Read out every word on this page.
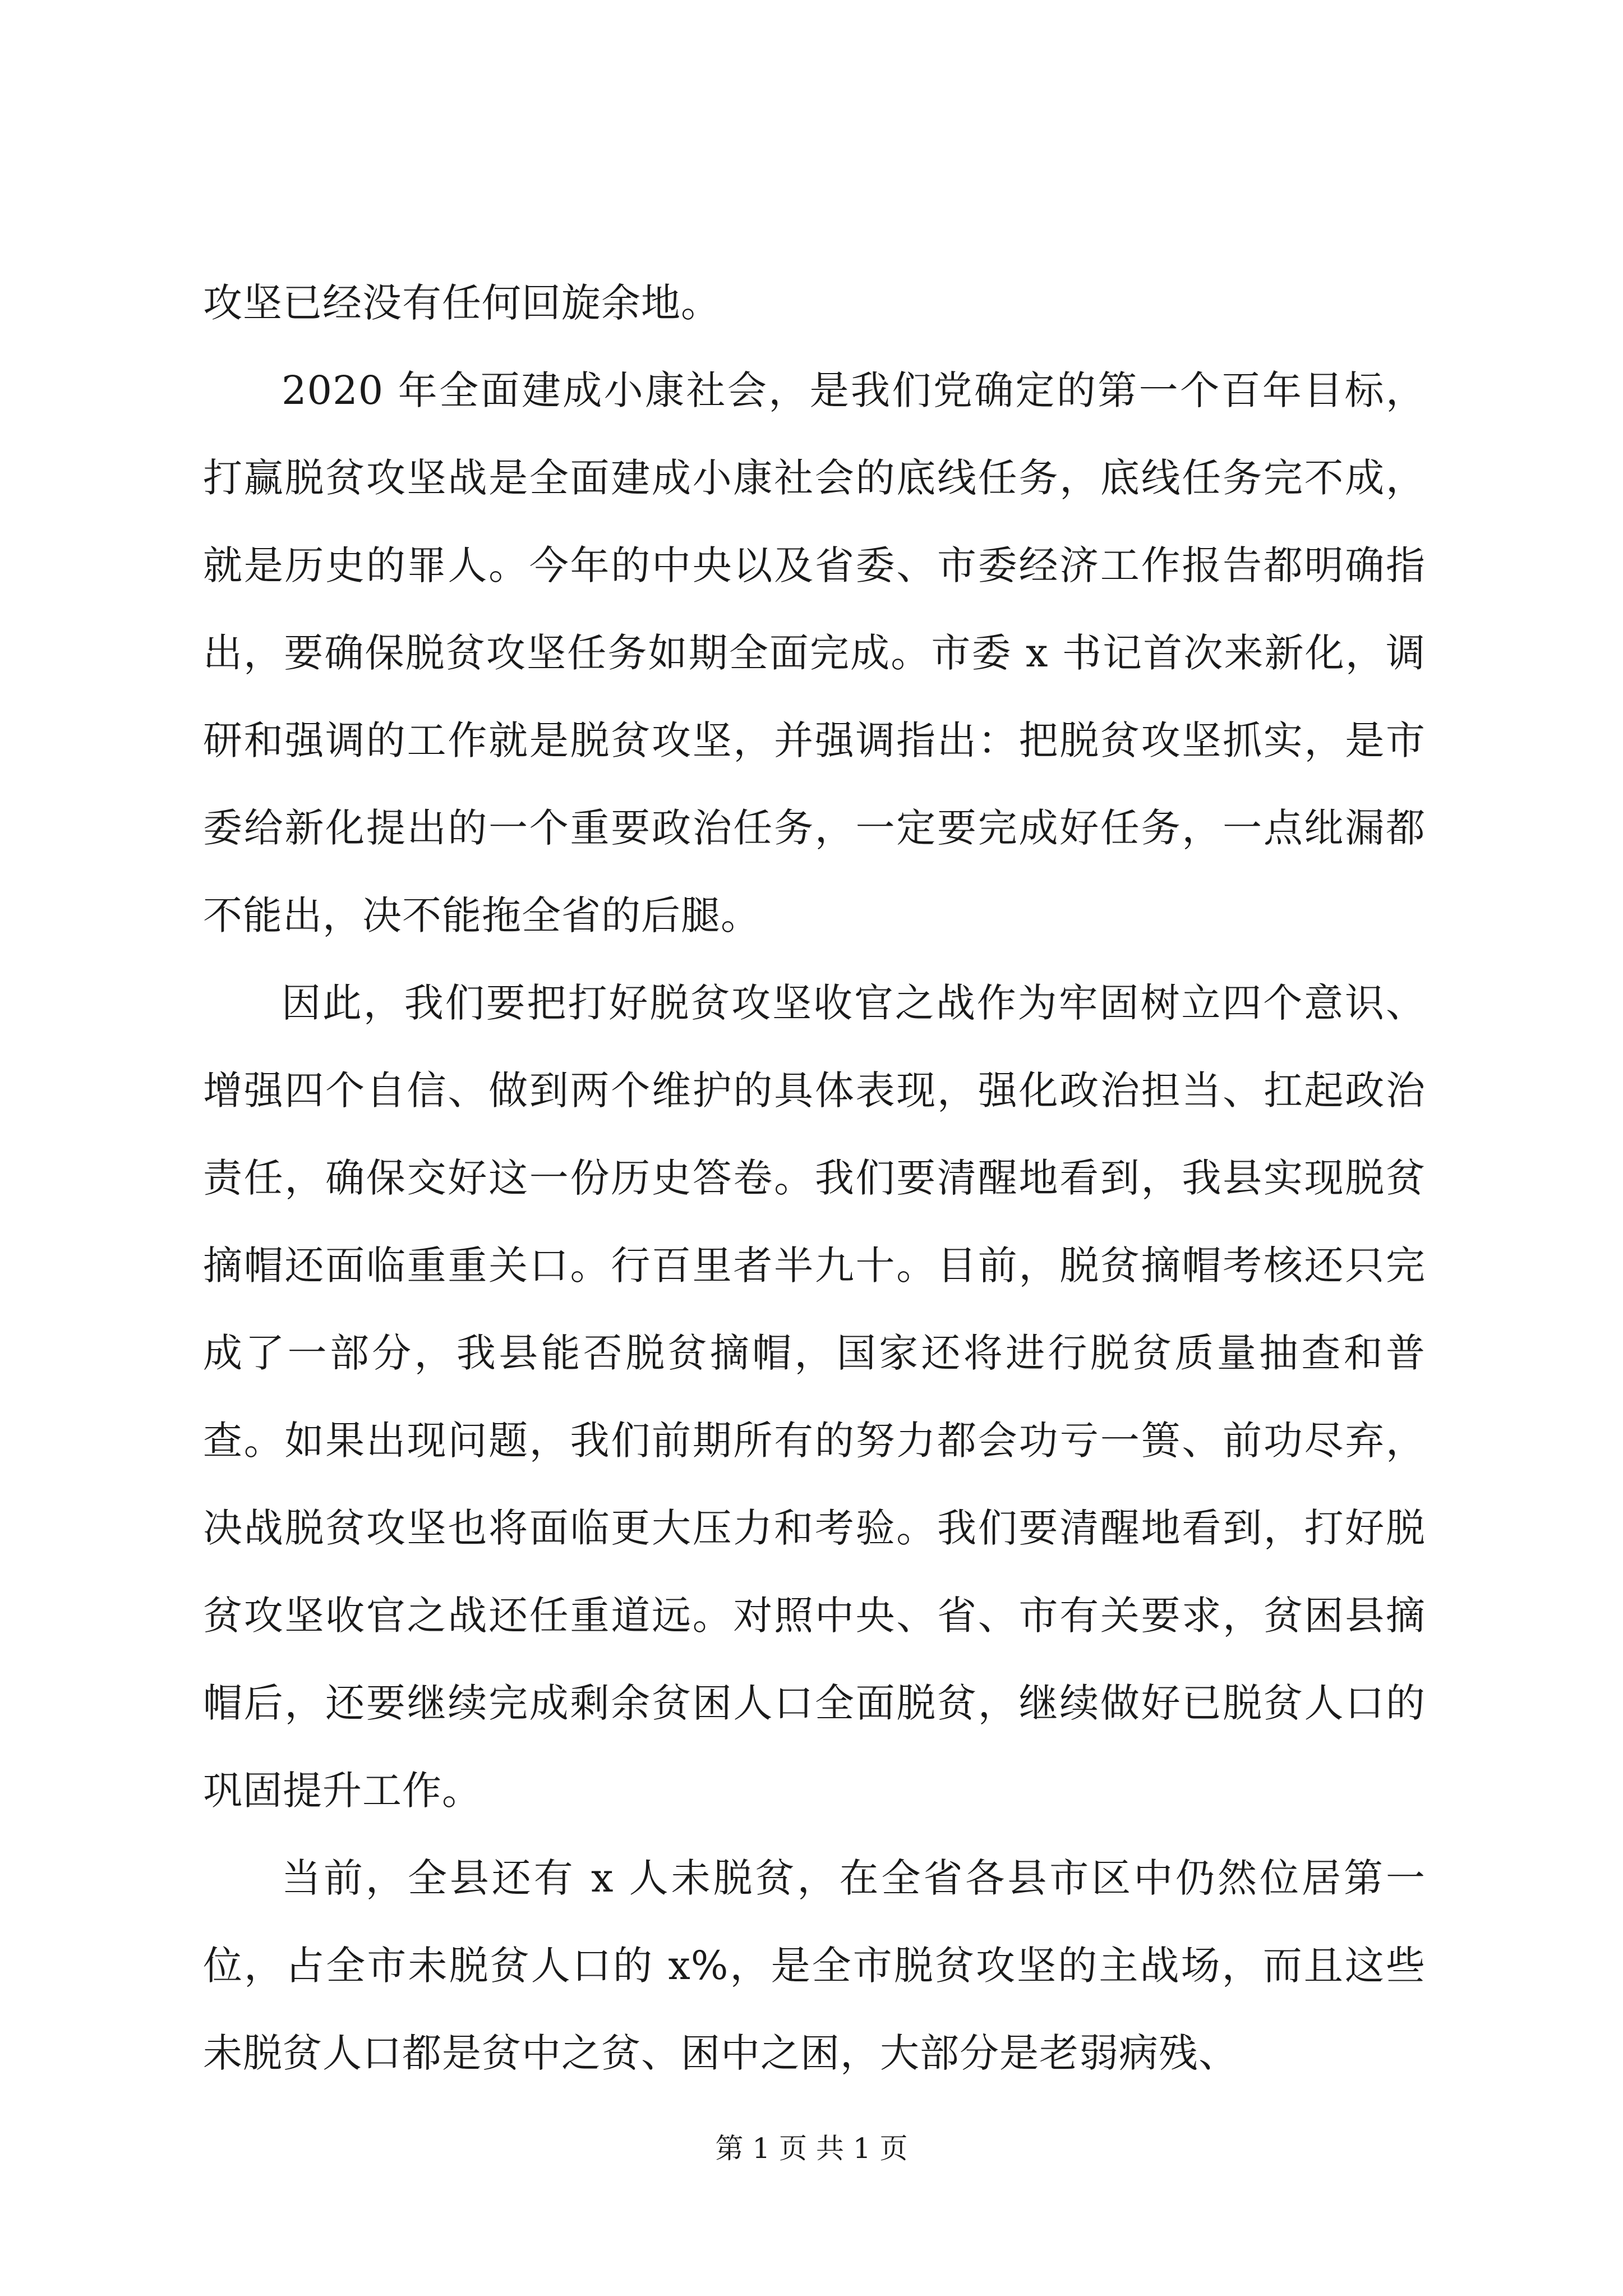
攻坚已经没有任何回旋余地。

2020 年全面建成小康社会，是我们党确定的第一个百年目标，打赢脱贫攻坚战是全面建成小康社会的底线任务，底线任务完不成，就是历史的罪人。今年的中央以及省委、市委经济工作报告都明确指出，要确保脱贫攻坚任务如期全面完成。市委 x 书记首次来新化，调研和强调的工作就是脱贫攻坚，并强调指出：把脱贫攻坚抓实，是市委给新化提出的一个重要政治任务，一定要完成好任务，一点纰漏都不能出，决不能拖全省的后腿。

因此，我们要把打好脱贫攻坚收官之战作为牢固树立四个意识、增强四个自信、做到两个维护的具体表现，强化政治担当、扛起政治责任，确保交好这一份历史答卷。我们要清醒地看到，我县实现脱贫摘帽还面临重重关口。行百里者半九十。目前，脱贫摘帽考核还只完成了一部分，我县能否脱贫摘帽，国家还将进行脱贫质量抽查和普查。如果出现问题，我们前期所有的努力都会功亏一篑、前功尽弃，决战脱贫攻坚也将面临更大压力和考验。我们要清醒地看到，打好脱贫攻坚收官之战还任重道远。对照中央、省、市有关要求，贫困县摘帽后，还要继续完成剩余贫困人口全面脱贫，继续做好已脱贫人口的巩固提升工作。

当前，全县还有 x 人未脱贫，在全省各县市区中仍然位居第一位，占全市未脱贫人口的 x%，是全市脱贫攻坚的主战场，而且这些未脱贫人口都是贫中之贫、困中之困，大部分是老弱病残、

第 1 页 共 1 页
